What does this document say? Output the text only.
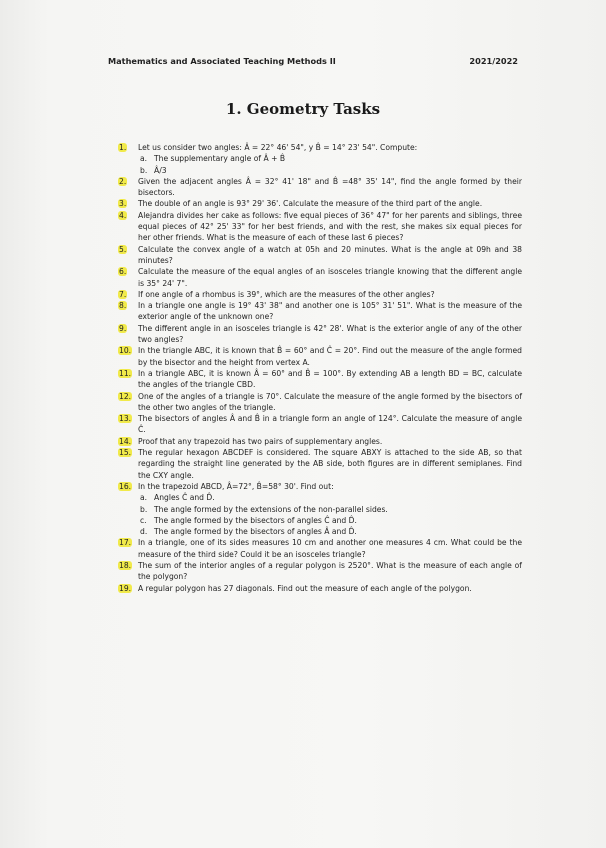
Mathematics and Associated Teaching Methods II	2021/2022
1. Geometry Tasks
1. Let us consider two angles: Â = 22° 46' 54", y B̂ = 14° 23' 54". Compute:
a. The supplementary angle of Â + B̂
b. Â/3
2. Given the adjacent angles Â = 32° 41' 18" and B̂ =48° 35' 14", find the angle formed by their bisectors.
3. The double of an angle is 93° 29' 36'. Calculate the measure of the third part of the angle.
4. Alejandra divides her cake as follows: five equal pieces of 36° 47" for her parents and siblings, three equal pieces of 42° 25' 33" for her best friends, and with the rest, she makes six equal pieces for her other friends. What is the measure of each of these last 6 pieces?
5. Calculate the convex angle of a watch at 05h and 20 minutes. What is the angle at 09h and 38 minutes?
6. Calculate the measure of the equal angles of an isosceles triangle knowing that the different angle is 35° 24' 7".
7. If one angle of a rhombus is 39°, which are the measures of the other angles?
8. In a triangle one angle is 19° 43' 38" and another one is 105° 31' 51". What is the measure of the exterior angle of the unknown one?
9. The different angle in an isosceles triangle is 42° 28'. What is the exterior angle of any of the other two angles?
10. In the triangle ABC, it is known that B̂ = 60° and Ĉ = 20°. Find out the measure of the angle formed by the bisector and the height from vertex A.
11. In a triangle ABC, it is known Â = 60° and B̂ = 100°. By extending AB a length BD = BC, calculate the angles of the triangle CBD.
12. One of the angles of a triangle is 70°. Calculate the measure of the angle formed by the bisectors of the other two angles of the triangle.
13. The bisectors of angles Â and B̂ in a triangle form an angle of 124°. Calculate the measure of angle Ĉ.
14. Proof that any trapezoid has two pairs of supplementary angles.
15. The regular hexagon ABCDEF is considered. The square ABXY is attached to the side AB, so that regarding the straight line generated by the AB side, both figures are in different semiplanes. Find the CXY angle.
16. In the trapezoid ABCD, Â=72°, B̂=58° 30'. Find out:
a. Angles Ĉ and D̂.
b. The angle formed by the extensions of the non-parallel sides.
c. The angle formed by the bisectors of angles Ĉ and D̂.
d. The angle formed by the bisectors of angles Â and D̂.
17. In a triangle, one of its sides measures 10 cm and another one measures 4 cm. What could be the measure of the third side? Could it be an isosceles triangle?
18. The sum of the interior angles of a regular polygon is 2520°. What is the measure of each angle of the polygon?
19. A regular polygon has 27 diagonals. Find out the measure of each angle of the polygon.
